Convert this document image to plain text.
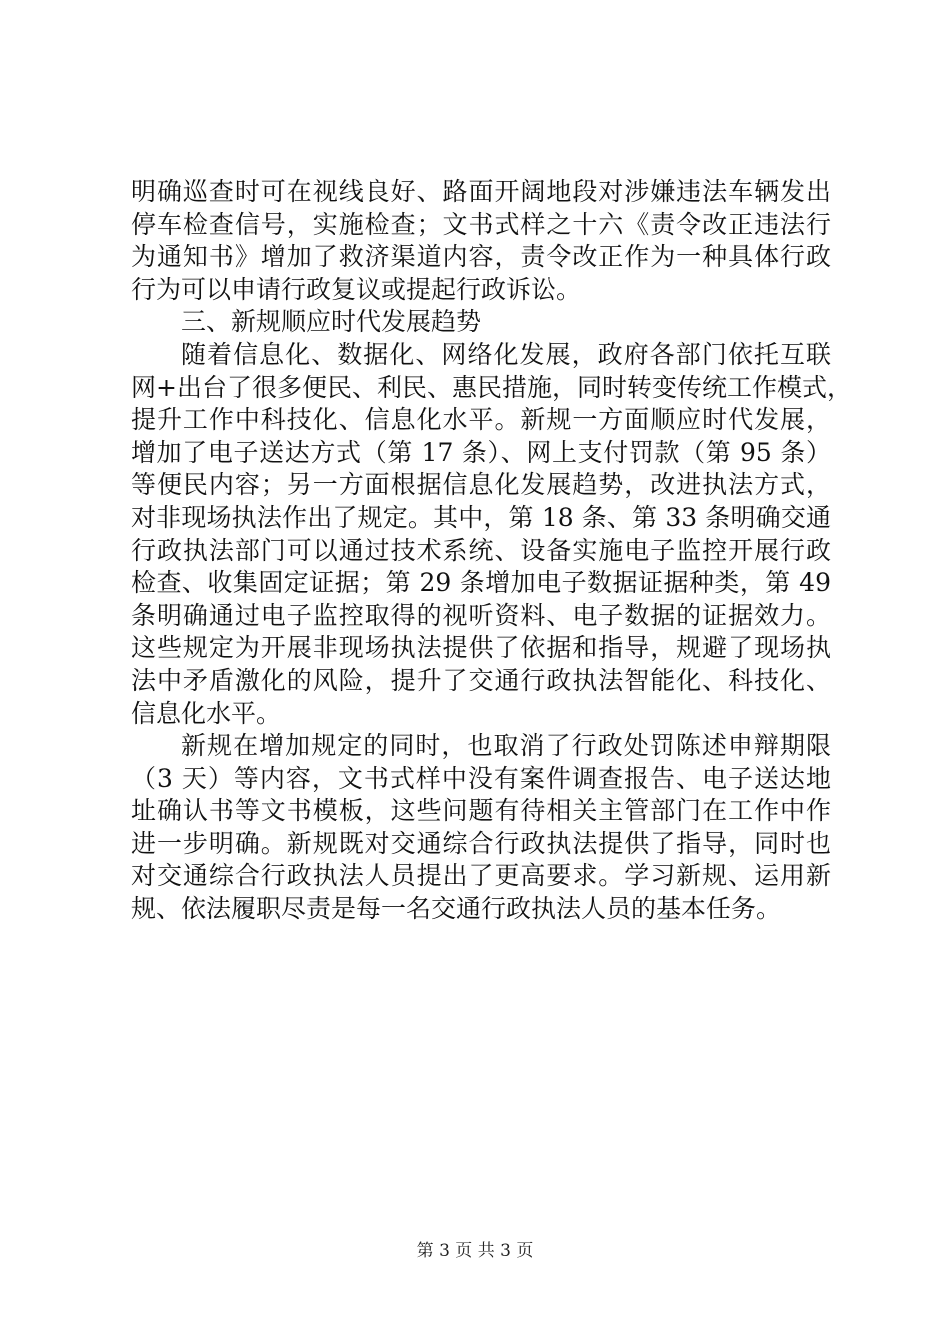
明确巡查时可在视线良好、路面开阔地段对涉嫌违法车辆发出
停车检查信号，实施检查；文书式样之十六《责令改正违法行
为通知书》增加了救济渠道内容，责令改正作为一种具体行政
行为可以申请行政复议或提起行政诉讼。
三、新规顺应时代发展趋势
随着信息化、数据化、网络化发展，政府各部门依托互联
网+出台了很多便民、利民、惠民措施，同时转变传统工作模式，
提升工作中科技化、信息化水平。新规一方面顺应时代发展，
增加了电子送达方式（第 17 条）、网上支付罚款（第 95 条）
等便民内容；另一方面根据信息化发展趋势，改进执法方式，
对非现场执法作出了规定。其中，第 18 条、第 33 条明确交通
行政执法部门可以通过技术系统、设备实施电子监控开展行政
检查、收集固定证据；第 29 条增加电子数据证据种类，第 49
条明确通过电子监控取得的视听资料、电子数据的证据效力。
这些规定为开展非现场执法提供了依据和指导，规避了现场执
法中矛盾激化的风险，提升了交通行政执法智能化、科技化、
信息化水平。
新规在增加规定的同时，也取消了行政处罚陈述申辩期限
（3 天）等内容，文书式样中没有案件调查报告、电子送达地
址确认书等文书模板，这些问题有待相关主管部门在工作中作
进一步明确。新规既对交通综合行政执法提供了指导，同时也
对交通综合行政执法人员提出了更高要求。学习新规、运用新
规、依法履职尽责是每一名交通行政执法人员的基本任务。
第 3 页 共 3 页
